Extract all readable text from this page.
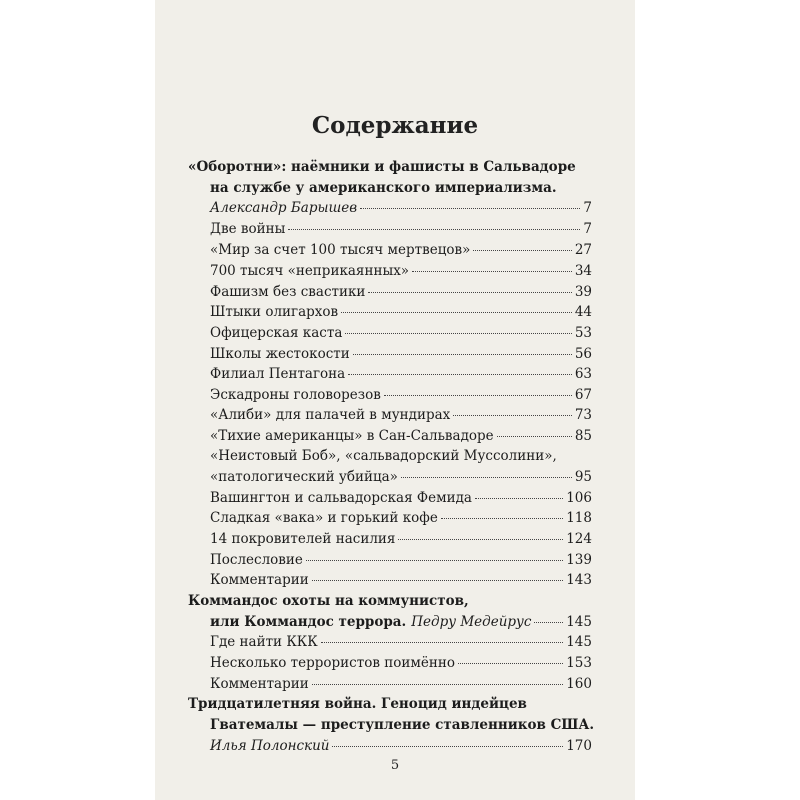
Содержание
«Оборотни»: наёмники и фашисты в Сальвадоре
на службе у американского империализма.
Александр Барышев	7
Две войны	7
«Мир за счет 100 тысяч мертвецов»	27
700 тысяч «неприкаянных»	34
Фашизм без свастики	39
Штыки олигархов	44
Офицерская каста	53
Школы жестокости	56
Филиал Пентагона	63
Эскадроны головорезов	67
«Алиби» для палачей в мундирах	73
«Тихие американцы» в Сан-Сальвадоре	85
«Неистовый Боб», «сальвадорский Муссолини»,
«патологический убийца»	95
Вашингтон и сальвадорская Фемида	106
Сладкая «вака» и горький кофе	118
14 покровителей насилия	124
Послесловие	139
Комментарии	143
Коммандос охоты на коммунистов,
или Коммандос террора. Педру Медейрус	145
Где найти ККК	145
Несколько террористов поимённо	153
Комментарии	160
Тридцатилетняя война. Геноцид индейцев
Гватемалы — преступление ставленников США.
Илья Полонский	170
5
